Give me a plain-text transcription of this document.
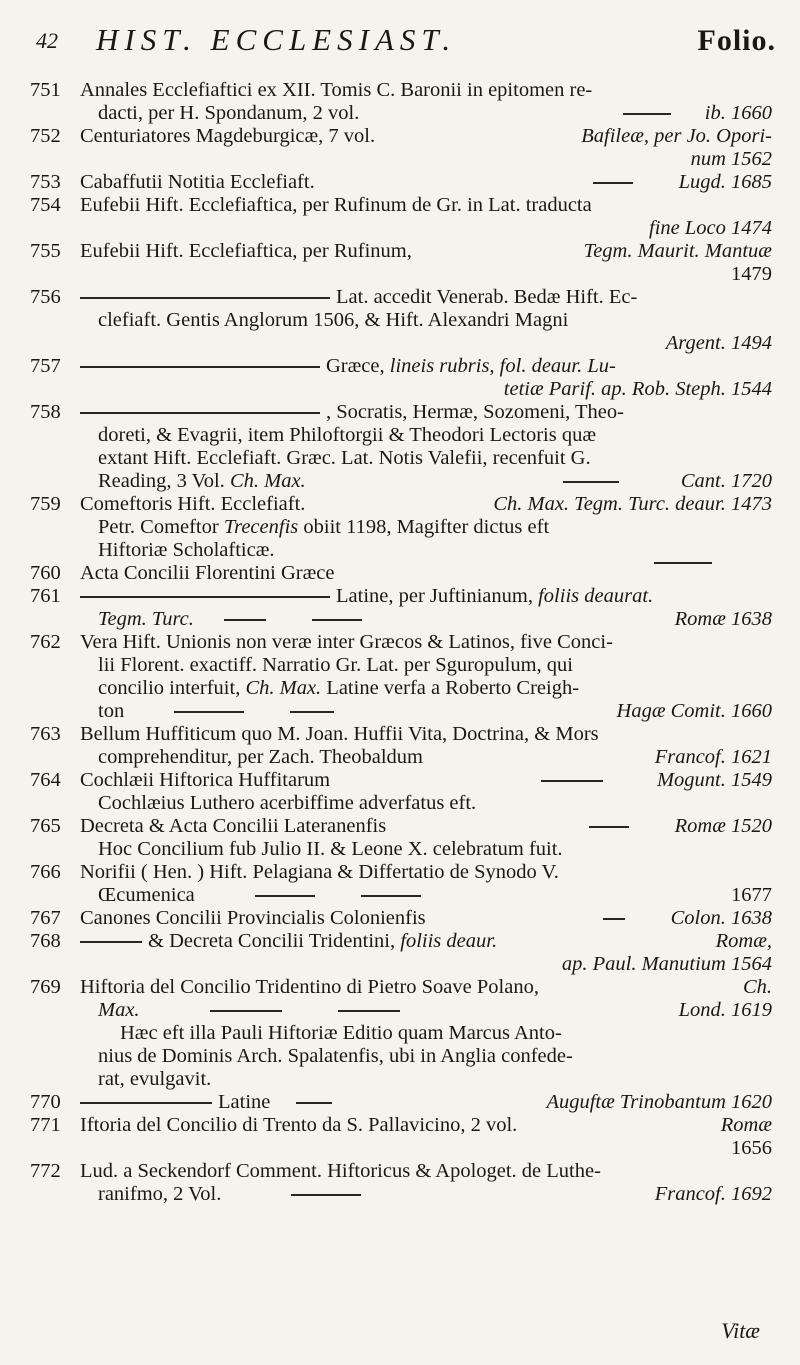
42 HIST. ECCLESIAST.	Folio.
751 Annales Ecclefiaftici ex XII. Tomis C. Baronii in epitomen re-
dacti, per H. Spondanum, 2 vol.	ib. 1660
752 Centuriatores Magdeburgicæ, 7 vol.	Bafileæ, per Jo. Opori-
num 1562
753 Cabaffutii Notitia Ecclefiaft.	Lugd. 1685
754 Eufebii Hift. Ecclefiaftica, per Rufinum de Gr. in Lat. traducta
fine Loco 1474
755 Eufebii Hift. Ecclefiaftica, per Rufinum,	Tegm. Maurit. Mantuæ
1479
756	Lat. accedit Venerab. Bedæ Hift. Ec-
clefiaft. Gentis Anglorum 1506, & Hift. Alexandri Magni
Argent. 1494
757	Græce, lineis rubris, fol. deaur. Lu-
tetiæ Parif. ap. Rob. Steph. 1544
758	, Socratis, Hermæ, Sozomeni, Theo-
doreti, & Evagrii, item Philoftorgii & Theodori Lectoris quæ
extant Hift. Ecclefiaft. Græc. Lat. Notis Valefii, recenfuit G.
Reading, 3 Vol. Ch. Max.	Cant. 1720
759 Comeftoris Hift. Ecclefiaft.	Ch. Max. Tegm. Turc. deaur. 1473
Petr. Comeftor Trecenfis obiit 1198, Magifter dictus eft
Hiftoriæ Scholafticæ.
760 Acta Concilii Florentini Græce
761	Latine, per Juftinianum, foliis deaurat.
Tegm. Turc.	Romæ 1638
762 Vera Hift. Unionis non veræ inter Græcos & Latinos, five Conci-
lii Florent. exactiff. Narratio Gr. Lat. per Sguropulum, qui
concilio interfuit, Ch. Max. Latine verfa a Roberto Creigh-
ton	Hagæ Comit. 1660
763 Bellum Huffiticum quo M. Joan. Huffii Vita, Doctrina, & Mors
comprehenditur, per Zach. Theobaldum	Francof. 1621
764 Cochlæii Hiftorica Huffitarum	Mogunt. 1549
Cochlæius Luthero acerbiffime adverfatus eft.
765 Decreta & Acta Concilii Lateranenfis	Romæ 1520
Hoc Concilium fub Julio II. & Leone X. celebratum fuit.
766 Norifii ( Hen. ) Hift. Pelagiana & Differtatio de Synodo V.
Œcumenica	1677
767 Canones Concilii Provincialis Colonienfis	Colon. 1638
768	& Decreta Concilii Tridentini, foliis deaur.	Romæ,
ap. Paul. Manutium 1564
769 Hiftoria del Concilio Tridentino di Pietro Soave Polano,	Ch.
Max.	Lond. 1619
Hæc eft illa Pauli Hiftoriæ Editio quam Marcus Anto-
nius de Dominis Arch. Spalatenfis, ubi in Anglia confede-
rat, evulgavit.
770	Latine	Auguftæ Trinobantum 1620
771 Iftoria del Concilio di Trento da S. Pallavicino, 2 vol.	Romæ
1656
772 Lud. a Seckendorf Comment. Hiftoricus & Apologet. de Luthe-
ranifmo, 2 Vol.	Francof. 1692
Vitæ
